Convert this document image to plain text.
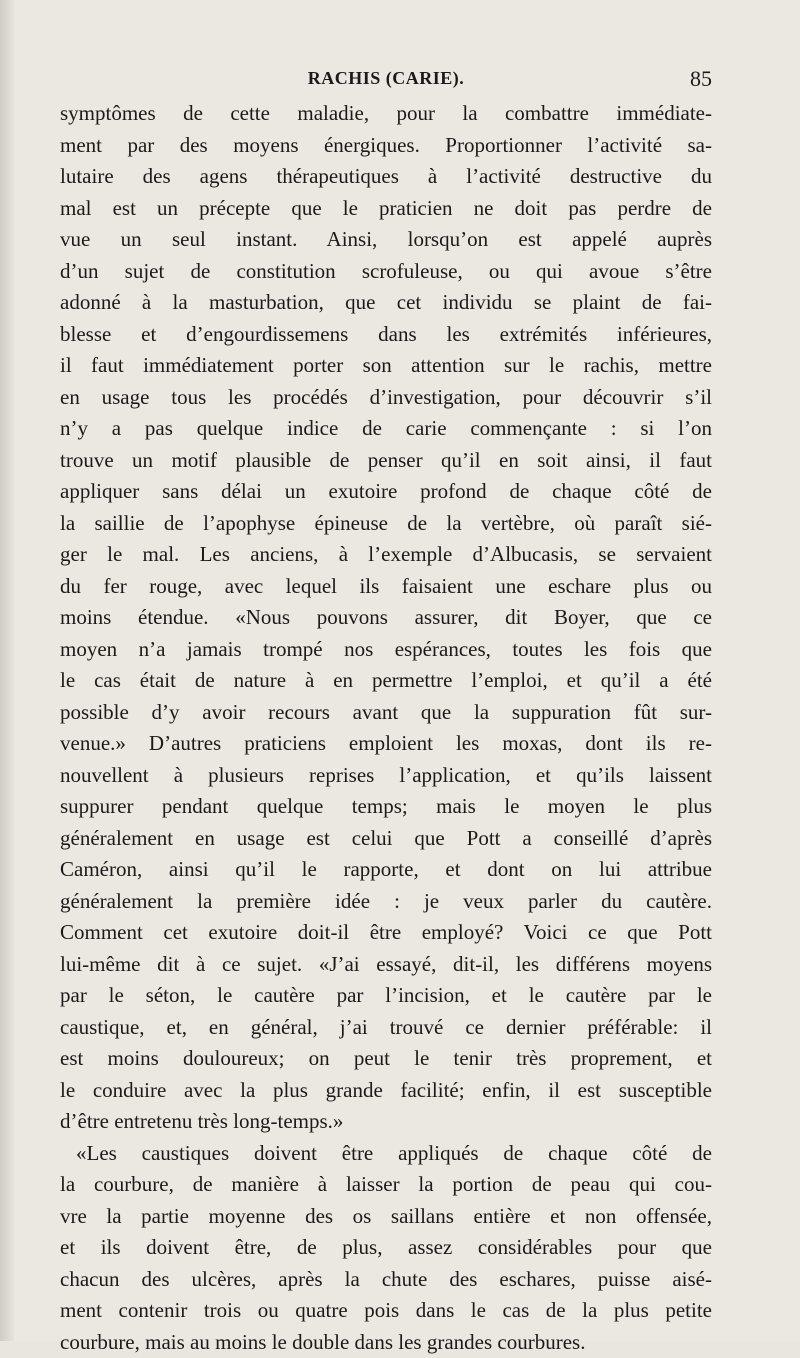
RACHIS (CARIE).	85
symptômes de cette maladie, pour la combattre immédiate-
ment par des moyens énergiques. Proportionner l’activité sa-
lutaire des agens thérapeutiques à l’activité destructive du
mal est un précepte que le praticien ne doit pas perdre de
vue un seul instant. Ainsi, lorsqu’on est appelé auprès
d’un sujet de constitution scrofuleuse, ou qui avoue s’être
adonné à la masturbation, que cet individu se plaint de fai-
blesse et d’engourdissemens dans les extrémités inférieures,
il faut immédiatement porter son attention sur le rachis, mettre
en usage tous les procédés d’investigation, pour découvrir s’il
n’y a pas quelque indice de carie commençante : si l’on
trouve un motif plausible de penser qu’il en soit ainsi, il faut
appliquer sans délai un exutoire profond de chaque côté de
la saillie de l’apophyse épineuse de la vertèbre, où paraît sié-
ger le mal. Les anciens, à l’exemple d’Albucasis, se servaient
du fer rouge, avec lequel ils faisaient une eschare plus ou
moins étendue. «Nous pouvons assurer, dit Boyer, que ce
moyen n’a jamais trompé nos espérances, toutes les fois que
le cas était de nature à en permettre l’emploi, et qu’il a été
possible d’y avoir recours avant que la suppuration fût sur-
venue.» D’autres praticiens emploient les moxas, dont ils re-
nouvellent à plusieurs reprises l’application, et qu’ils laissent
suppurer pendant quelque temps; mais le moyen le plus
généralement en usage est celui que Pott a conseillé d’après
Caméron, ainsi qu’il le rapporte, et dont on lui attribue
généralement la première idée : je veux parler du cautère.
Comment cet exutoire doit-il être employé? Voici ce que Pott
lui-même dit à ce sujet. «J’ai essayé, dit-il, les différens moyens
par le séton, le cautère par l’incision, et le cautère par le
caustique, et, en général, j’ai trouvé ce dernier préférable: il
est moins douloureux; on peut le tenir très proprement, et
le conduire avec la plus grande facilité; enfin, il est susceptible
d’être entretenu très long-temps.»
«Les caustiques doivent être appliqués de chaque côté de
la courbure, de manière à laisser la portion de peau qui cou-
vre la partie moyenne des os saillans entière et non offensée,
et ils doivent être, de plus, assez considérables pour que
chacun des ulcères, après la chute des eschares, puisse aisé-
ment contenir trois ou quatre pois dans le cas de la plus petite
courbure, mais au moins le double dans les grandes courbures.
